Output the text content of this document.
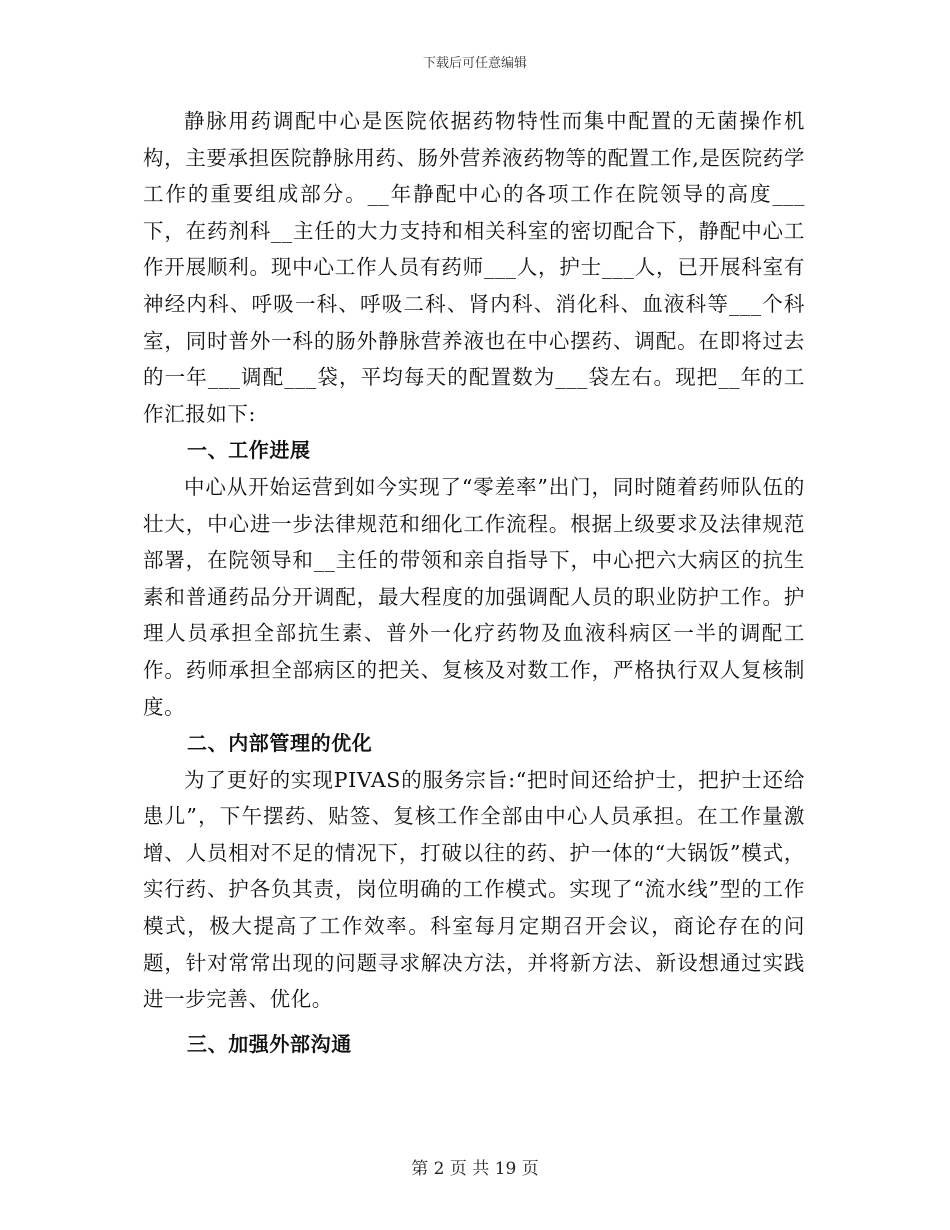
下载后可任意编辑

静脉用药调配中心是医院依据药物特性而集中配置的无菌操作机构，主要承担医院静脉用药、肠外营养液药物等的配置工作,是医院药学工作的重要组成部分。__年静配中心的各项工作在院领导的高度___下，在药剂科__主任的大力支持和相关科室的密切配合下，静配中心工作开展顺利。现中心工作人员有药师___人，护士___人，已开展科室有神经内科、呼吸一科、呼吸二科、肾内科、消化科、血液科等___个科室，同时普外一科的肠外静脉营养液也在中心摆药、调配。在即将过去的一年___调配___袋，平均每天的配置数为___袋左右。现把__年的工作汇报如下:

一、工作进展

中心从开始运营到如今实现了“零差率”出门，同时随着药师队伍的壮大，中心进一步法律规范和细化工作流程。根据上级要求及法律规范部署，在院领导和__主任的带领和亲自指导下，中心把六大病区的抗生素和普通药品分开调配，最大程度的加强调配人员的职业防护工作。护理人员承担全部抗生素、普外一化疗药物及血液科病区一半的调配工作。药师承担全部病区的把关、复核及对数工作，严格执行双人复核制度。

二、内部管理的优化

为了更好的实现PIVAS的服务宗旨:“把时间还给护士，把护士还给患儿”，下午摆药、贴签、复核工作全部由中心人员承担。在工作量激增、人员相对不足的情况下，打破以往的药、护一体的“大锅饭”模式，实行药、护各负其责，岗位明确的工作模式。实现了“流水线”型的工作模式，极大提高了工作效率。科室每月定期召开会议，商论存在的问题，针对常常出现的问题寻求解决方法，并将新方法、新设想通过实践进一步完善、优化。

三、加强外部沟通

第 2 页 共 19 页
